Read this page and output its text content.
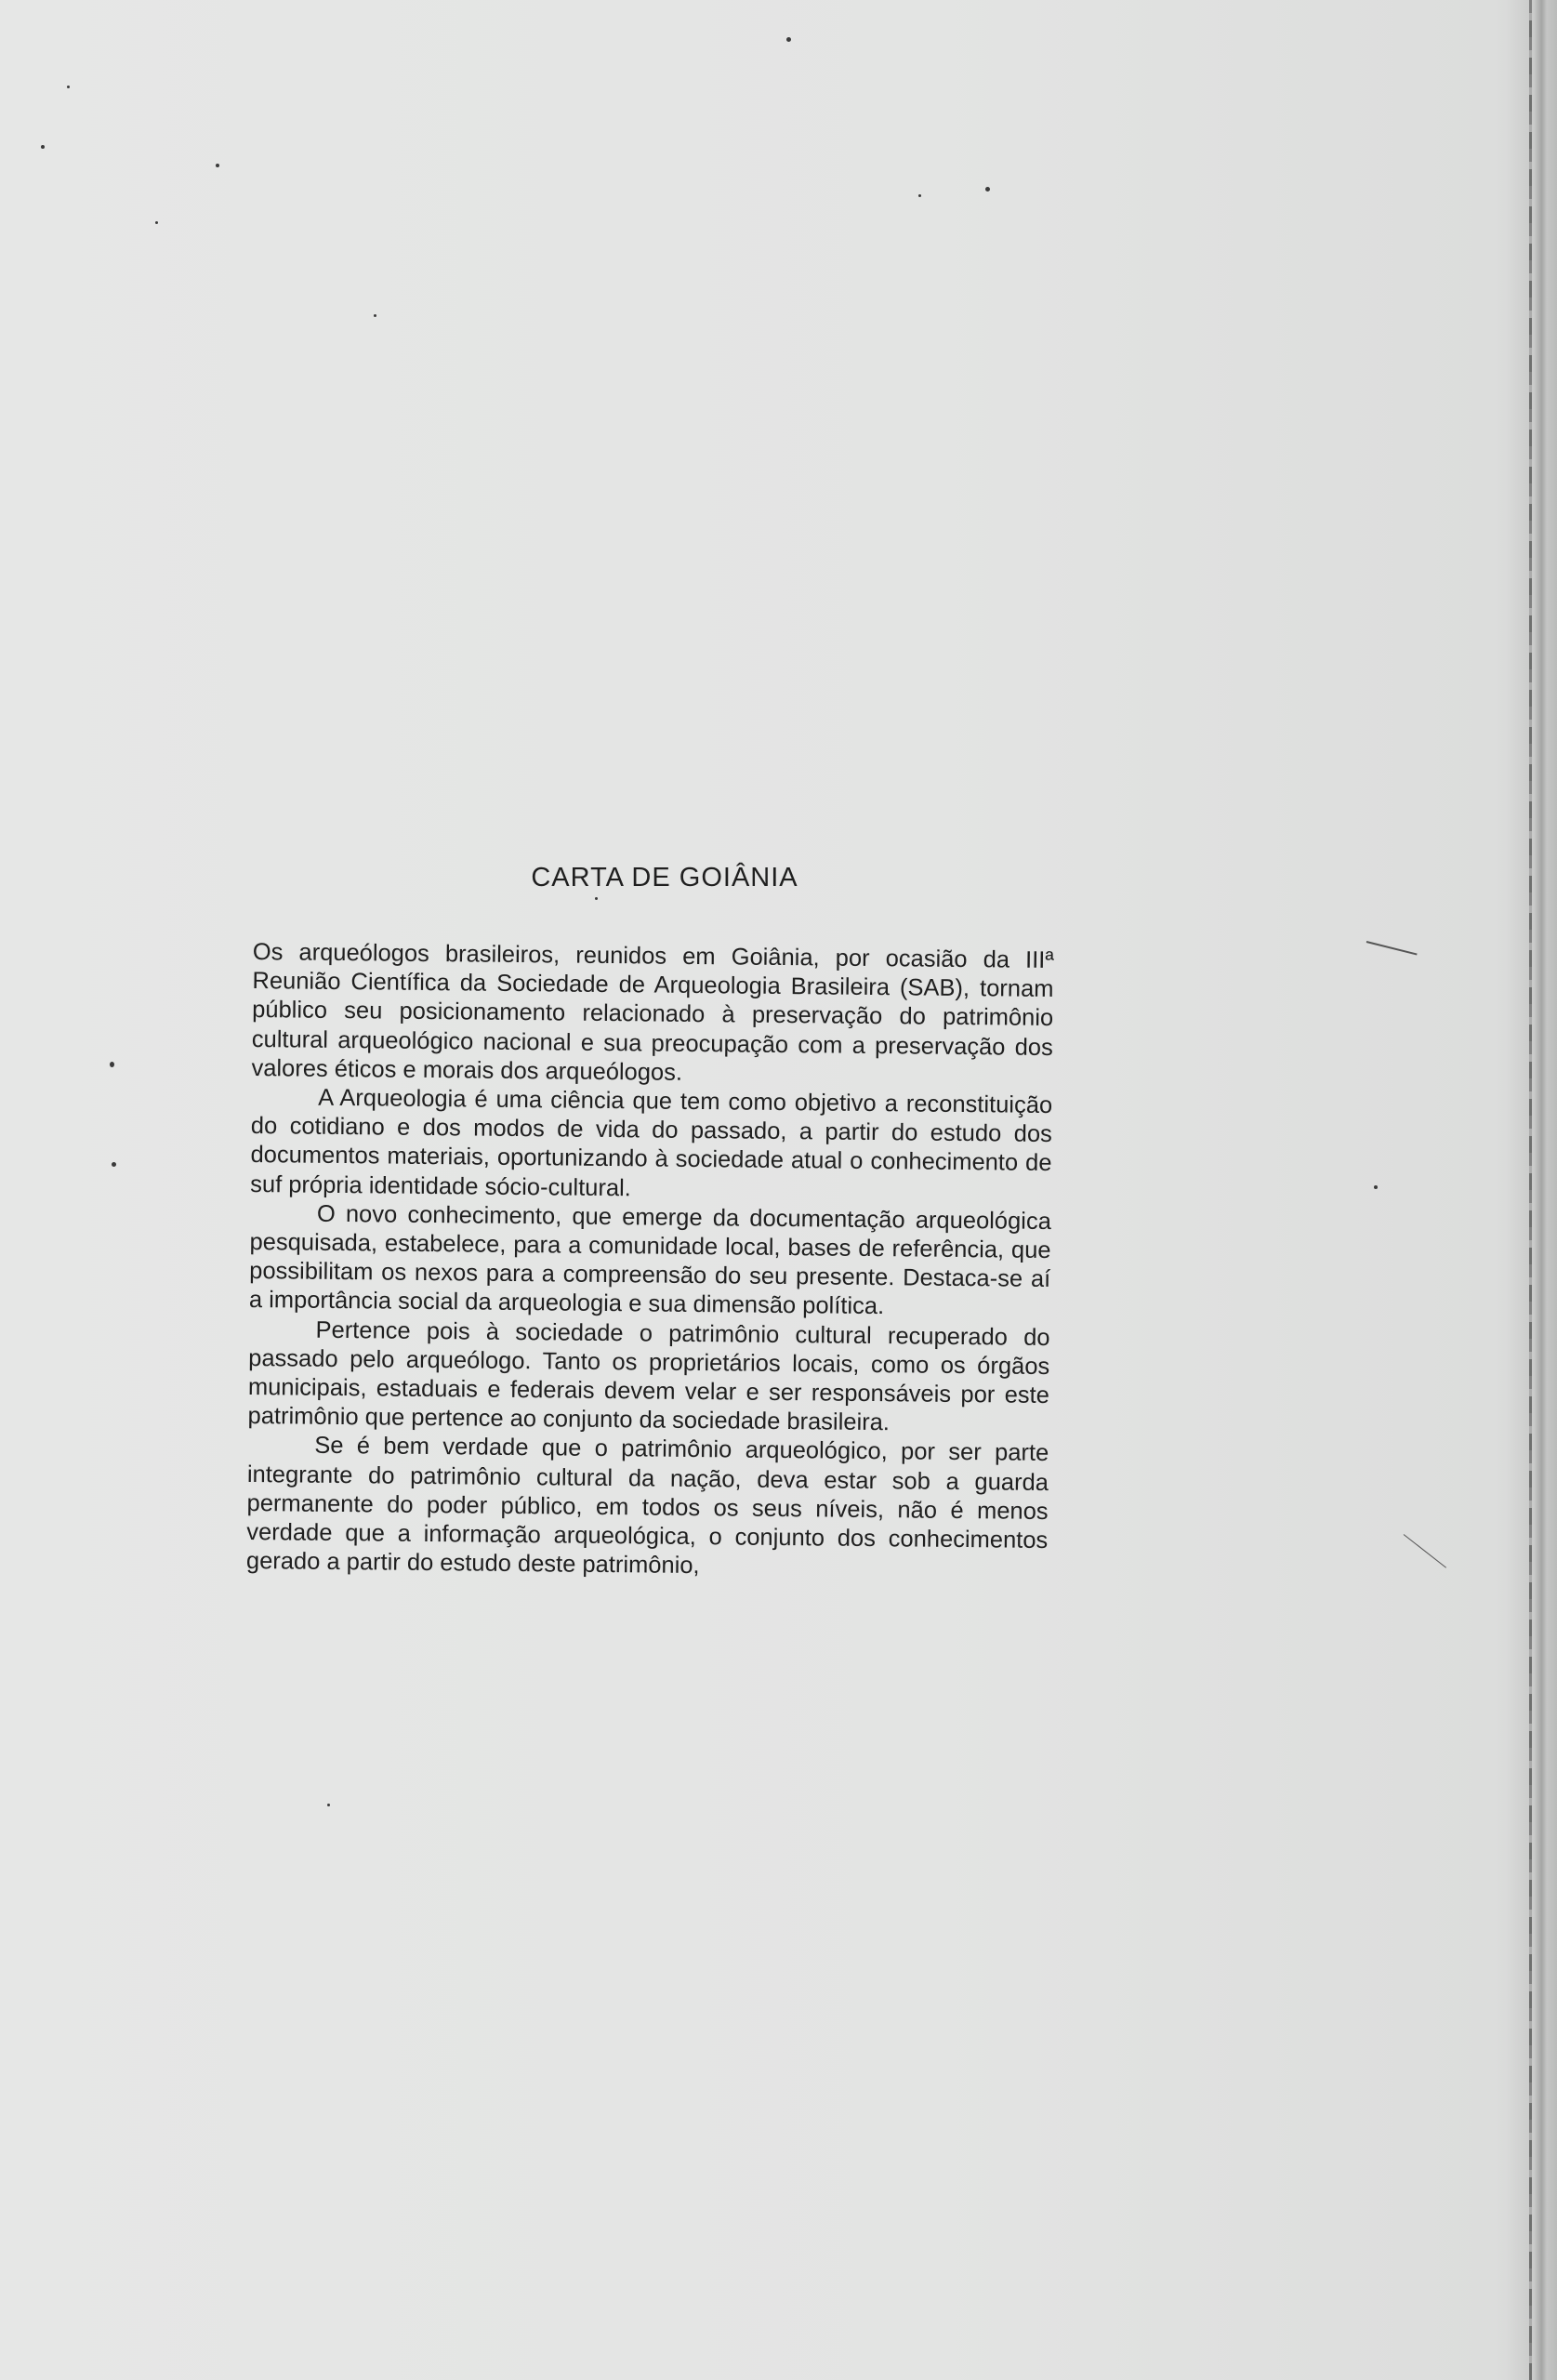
CARTA DE GOIÂNIA

Os arqueólogos brasileiros, reunidos em Goiânia, por ocasião da IIIª Reunião Científica da Sociedade de Arqueologia Brasileira (SAB), tornam público seu posicionamento relacionado à preservação do patrimônio cultural arqueológico nacional e sua preocupação com a preservação dos valores éticos e morais dos arqueólogos.

A Arqueologia é uma ciência que tem como objetivo a reconstituição do cotidiano e dos modos de vida do passado, a partir do estudo dos documentos materiais, oportunizando à sociedade atual o conhecimento de suf própria identidade sócio-cultural.

O novo conhecimento, que emerge da documentação arqueológica pesquisada, estabelece, para a comunidade local, bases de referência, que possibilitam os nexos para a compreensão do seu presente. Destaca-se aí a importância social da arqueologia e sua dimensão política.

Pertence pois à sociedade o patrimônio cultural recuperado do passado pelo arqueólogo. Tanto os proprietários locais, como os órgãos municipais, estaduais e federais devem velar e ser responsáveis por este patrimônio que pertence ao conjunto da sociedade brasileira.

Se é bem verdade que o patrimônio arqueológico, por ser parte integrante do patrimônio cultural da nação, deva estar sob a guarda permanente do poder público, em todos os seus níveis, não é menos verdade que a informação arqueológica, o conjunto dos conhecimentos gerado a partir do estudo deste patrimônio,
